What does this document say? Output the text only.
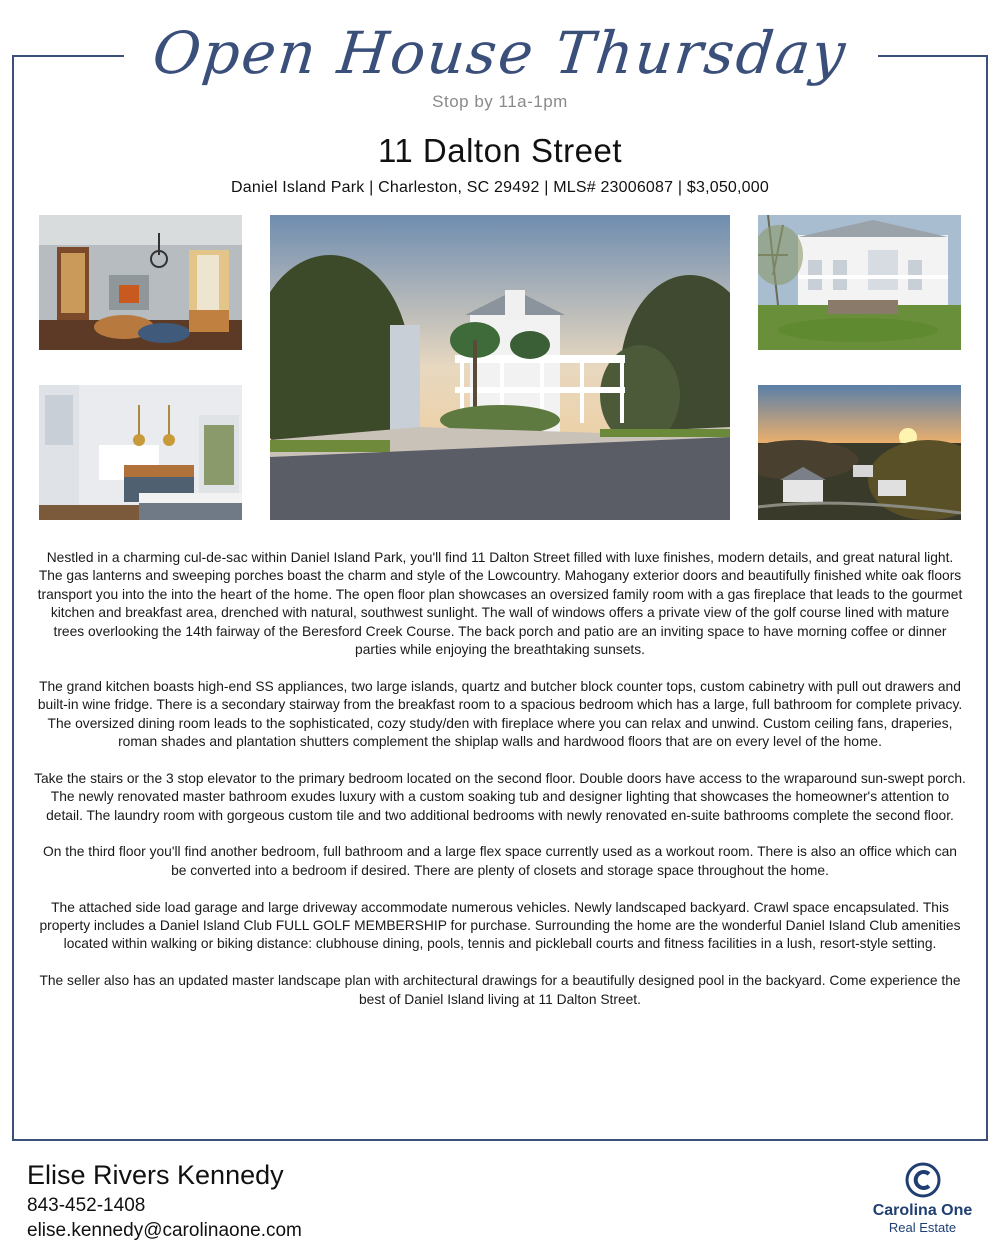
Open House Thursday
Stop by 11a-1pm
11 Dalton Street
Daniel Island Park | Charleston, SC 29492 | MLS# 23006087 | $3,050,000

Nestled in a charming cul-de-sac within Daniel Island Park, you'll find 11 Dalton Street filled with luxe finishes, modern details, and great natural light. The gas lanterns and sweeping porches boast the charm and style of the Lowcountry. Mahogany exterior doors and beautifully finished white oak floors transport you into the into the heart of the home. The open floor plan showcases an oversized family room with a gas fireplace that leads to the gourmet kitchen and breakfast area, drenched with natural, southwest sunlight. The wall of windows offers a private view of the golf course lined with mature trees overlooking the 14th fairway of the Beresford Creek Course. The back porch and patio are an inviting space to have morning coffee or dinner parties while enjoying the breathtaking sunsets.

The grand kitchen boasts high-end SS appliances, two large islands, quartz and butcher block counter tops, custom cabinetry with pull out drawers and built-in wine fridge. There is a secondary stairway from the breakfast room to a spacious bedroom which has a large, full bathroom for complete privacy. The oversized dining room leads to the sophisticated, cozy study/den with fireplace where you can relax and unwind. Custom ceiling fans, draperies, roman shades and plantation shutters complement the shiplap walls and hardwood floors that are on every level of the home.

Take the stairs or the 3 stop elevator to the primary bedroom located on the second floor. Double doors have access to the wraparound sun-swept porch. The newly renovated master bathroom exudes luxury with a custom soaking tub and designer lighting that showcases the homeowner's attention to detail. The laundry room with gorgeous custom tile and two additional bedrooms with newly renovated en-suite bathrooms complete the second floor.

On the third floor you'll find another bedroom, full bathroom and a large flex space currently used as a workout room. There is also an office which can be converted into a bedroom if desired. There are plenty of closets and storage space throughout the home.

The attached side load garage and large driveway accommodate numerous vehicles. Newly landscaped backyard. Crawl space encapsulated. This property includes a Daniel Island Club FULL GOLF MEMBERSHIP for purchase. Surrounding the home are the wonderful Daniel Island Club amenities located within walking or biking distance: clubhouse dining, pools, tennis and pickleball courts and fitness facilities in a lush, resort-style setting.

The seller also has an updated master landscape plan with architectural drawings for a beautifully designed pool in the backyard. Come experience the best of Daniel Island living at 11 Dalton Street.

Elise Rivers Kennedy
843-452-1408
elise.kennedy@carolinaone.com
Carolina One
Real Estate
